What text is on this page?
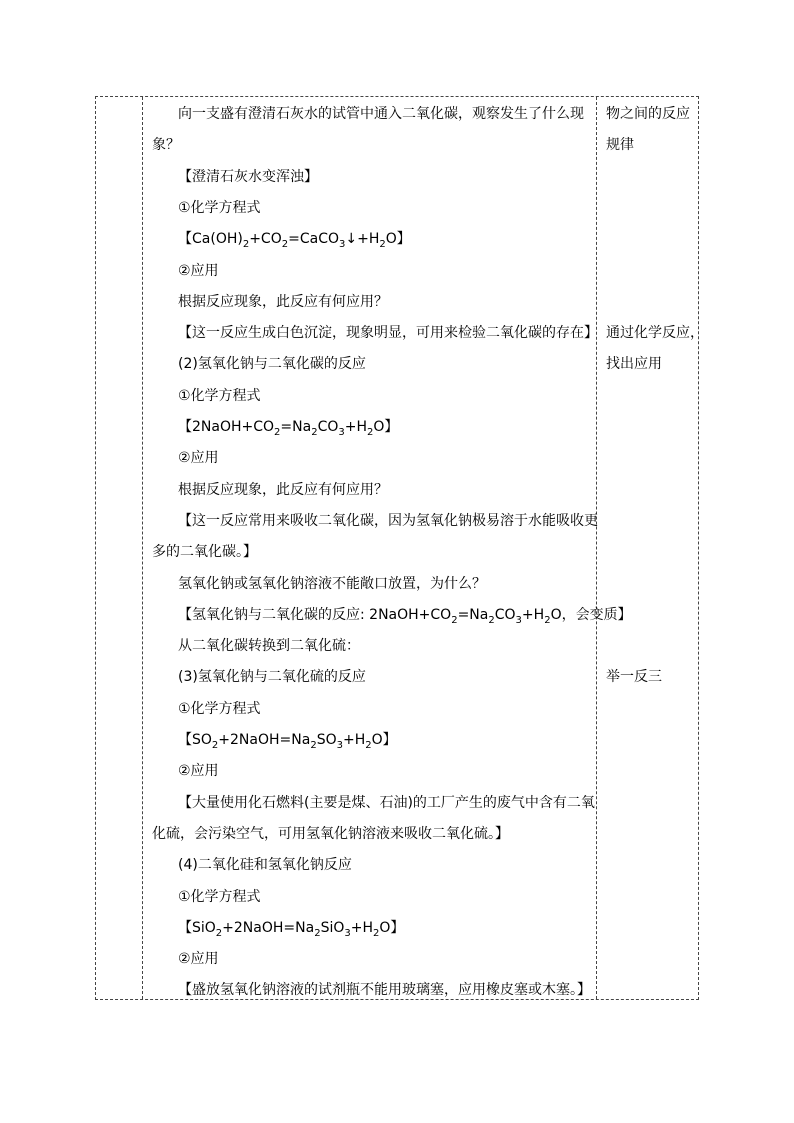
向一支盛有澄清石灰水的试管中通入二氧化碳，观察发生了什么现
象？
【澄清石灰水变浑浊】
①化学方程式
【$Ca(OH)_2+CO_2=CaCO_3↓+H_2O$】
②应用
根据反应现象，此反应有何应用？
【这一反应生成白色沉淀，现象明显，可用来检验二氧化碳的存在】
(2)氢氧化钠与二氧化碳的反应
①化学方程式
【$2NaOH+CO_2=Na_2CO_3+H_2O$】
②应用
根据反应现象，此反应有何应用？
【这一反应常用来吸收二氧化碳，因为氢氧化钠极易溶于水能吸收更
多的二氧化碳。】
氢氧化钠或氢氧化钠溶液不能敞口放置，为什么？
【氢氧化钠与二氧化碳的反应: $2NaOH+CO_2=Na_2CO_3+H_2O$，会变质】
从二氧化碳转换到二氧化硫：
(3)氢氧化钠与二氧化硫的反应
①化学方程式
【$SO_2+2NaOH=Na_2SO_3+H_2O$】
②应用
【大量使用化石燃料(主要是煤、石油)的工厂产生的废气中含有二氧
化硫，会污染空气，可用氢氧化钠溶液来吸收二氧化硫。】
(4)二氧化硅和氢氧化钠反应
①化学方程式
【$SiO_2+2NaOH=Na_2SiO_3+H_2O$】
②应用
【盛放氢氧化钠溶液的试剂瓶不能用玻璃塞，应用橡皮塞或木塞。】
物之间的反应
规律
通过化学反应，
找出应用
举一反三
